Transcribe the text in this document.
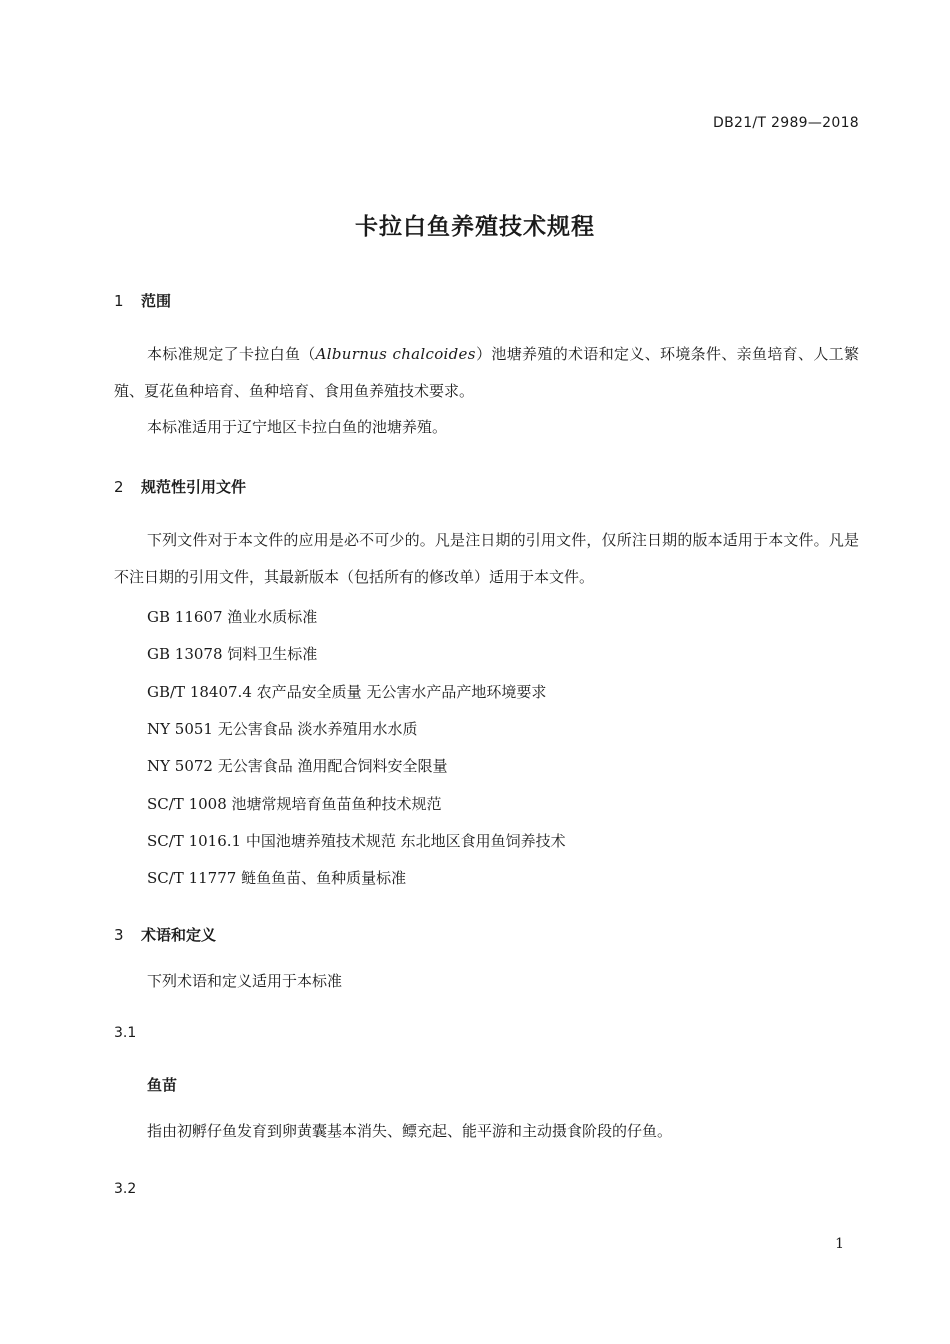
DB21/T 2989—2018
卡拉白鱼养殖技术规程
1 范围
本标准规定了卡拉白鱼（Alburnus chalcoides）池塘养殖的术语和定义、环境条件、亲鱼培育、人工繁殖、夏花鱼种培育、鱼种培育、食用鱼养殖技术要求。
本标准适用于辽宁地区卡拉白鱼的池塘养殖。
2 规范性引用文件
下列文件对于本文件的应用是必不可少的。凡是注日期的引用文件，仅所注日期的版本适用于本文件。凡是不注日期的引用文件，其最新版本（包括所有的修改单）适用于本文件。
GB 11607 渔业水质标准
GB 13078 饲料卫生标准
GB/T 18407.4 农产品安全质量 无公害水产品产地环境要求
NY 5051 无公害食品 淡水养殖用水水质
NY 5072 无公害食品 渔用配合饲料安全限量
SC/T 1008 池塘常规培育鱼苗鱼种技术规范
SC/T 1016.1 中国池塘养殖技术规范 东北地区食用鱼饲养技术
SC/T 11777 鲢鱼鱼苗、鱼种质量标准
3 术语和定义
下列术语和定义适用于本标准
3.1
鱼苗
指由初孵仔鱼发育到卵黄囊基本消失、鳔充起、能平游和主动摄食阶段的仔鱼。
3.2
1
